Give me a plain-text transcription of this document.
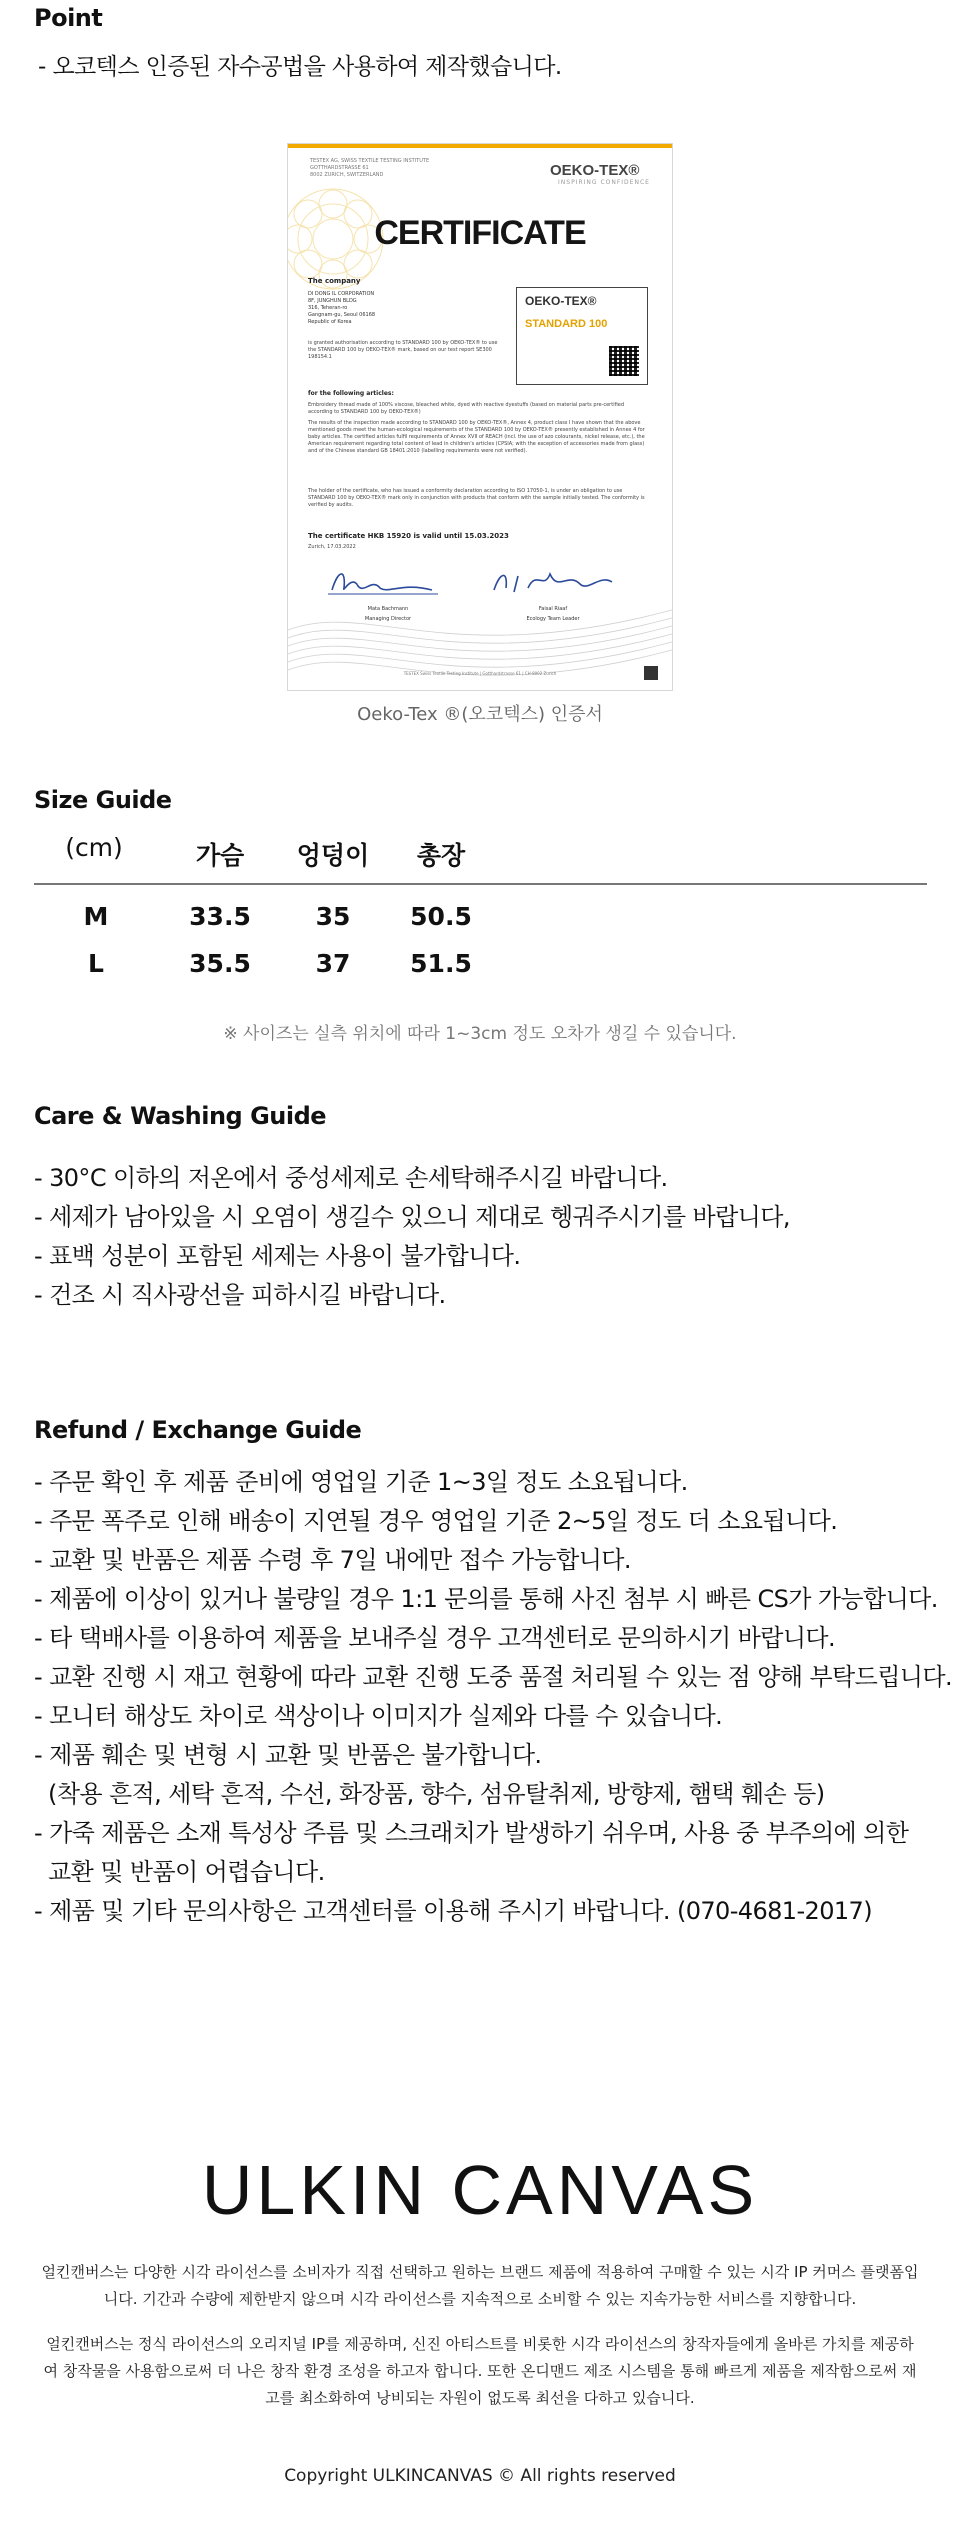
Point
- 오코텍스 인증된 자수공법을 사용하여 제작했습니다.
TESTEX AG, SWISS TEXTILE TESTING INSTITUTE
GOTTHARDSTRASSE 61
8002 ZURICH, SWITZERLAND	OEKO-TEX®
INSPIRING CONFIDENCE
CERTIFICATE
The company
DI DONG IL CORPORATION
8F, JUNGHUN BLDG
316, Teheran-ro
Gangnam-gu, Seoul 06168
Republic of Korea
OEKO-TEX®
STANDARD 100
is granted authorisation according to STANDARD 100 by OEKO-TEX® to use the STANDARD 100 by OEKO-TEX® mark, based on our test report SE300 198154.1
for the following articles:
Embroidery thread made of 100% viscose, bleached white, dyed with reactive dyestuffs (based on material parts pre-certified according to STANDARD 100 by OEKO-TEX®)
The results of the inspection made according to STANDARD 100 by OEKO-TEX®, Annex 4, product class I have shown that the above mentioned goods meet the human-ecological requirements of the STANDARD 100 by OEKO-TEX® presently established in Annex 4 for baby articles. The certified articles fulfil requirements of Annex XVII of REACH (incl. the use of azo colourants, nickel release, etc.), the American requirement regarding total content of lead in children's articles (CPSIA; with the exception of accessories made from glass) and of the Chinese standard GB 18401:2010 (labelling requirements were not verified).
The holder of the certificate, who has issued a conformity declaration according to ISO 17050-1, is under an obligation to use STANDARD 100 by OEKO-TEX® mark only in conjunction with products that conform with the sample initially tested. The conformity is verified by audits.
The certificate HKB 15920 is valid until 15.03.2023
Zurich, 17.03.2022
Mata Bachmann
Managing Director
Faisal Riaaf
Ecology Team Leader
TESTEX Swiss Textile Testing Institute | Gotthardstrasse 61 | CH-8002 Zurich
Oeko-Tex ®(오코텍스) 인증서
Size Guide
(cm)	가슴	엉덩이	총장
M	33.5	35	50.5
L	35.5	37	51.5
※ 사이즈는 실측 위치에 따라 1~3cm 정도 오차가 생길 수 있습니다.
Care & Washing Guide
- 30°C 이하의 저온에서 중성세제로 손세탁해주시길 바랍니다.
- 세제가 남아있을 시 오염이 생길수 있으니 제대로 헹궈주시기를 바랍니다,
- 표백 성분이 포함된 세제는 사용이 불가합니다.
- 건조 시 직사광선을 피하시길 바랍니다.
Refund / Exchange Guide
- 주문 확인 후 제품 준비에 영업일 기준 1~3일 정도 소요됩니다.
- 주문 폭주로 인해 배송이 지연될 경우 영업일 기준 2~5일 정도 더 소요됩니다.
- 교환 및 반품은 제품 수령 후 7일 내에만 접수 가능합니다.
- 제품에 이상이 있거나 불량일 경우 1:1 문의를 통해 사진 첨부 시 빠른 CS가 가능합니다.
- 타 택배사를 이용하여 제품을 보내주실 경우 고객센터로 문의하시기 바랍니다.
- 교환 진행 시 재고 현황에 따라 교환 진행 도중 품절 처리될 수 있는 점 양해 부탁드립니다.
- 모니터 해상도 차이로 색상이나 이미지가 실제와 다를 수 있습니다.
- 제품 훼손 및 변형 시 교환 및 반품은 불가합니다.
(착용 흔적, 세탁 흔적, 수선, 화장품, 향수, 섬유탈취제, 방향제, 햄택 훼손 등)
- 가죽 제품은 소재 특성상 주름 및 스크래치가 발생하기 쉬우며, 사용 중 부주의에 의한
교환 및 반품이 어렵습니다.
- 제품 및 기타 문의사항은 고객센터를 이용해 주시기 바랍니다. (070-4681-2017)
ULKIN CANVAS
얼킨캔버스는 다양한 시각 라이선스를 소비자가 직접 선택하고 원하는 브랜드 제품에 적용하여 구매할 수 있는 시각 IP 커머스 플랫폼입니다. 기간과 수량에 제한받지 않으며 시각 라이선스를 지속적으로 소비할 수 있는 지속가능한 서비스를 지향합니다.
얼킨캔버스는 정식 라이선스의 오리지널 IP를 제공하며, 신진 아티스트를 비롯한 시각 라이선스의 창작자들에게 올바른 가치를 제공하여 창작물을 사용함으로써 더 나은 창작 환경 조성을 하고자 합니다. 또한 온디맨드 제조 시스템을 통해 빠르게 제품을 제작함으로써 재고를 최소화하여 낭비되는 자원이 없도록 최선을 다하고 있습니다.
Copyright ULKINCANVAS © All rights reserved
